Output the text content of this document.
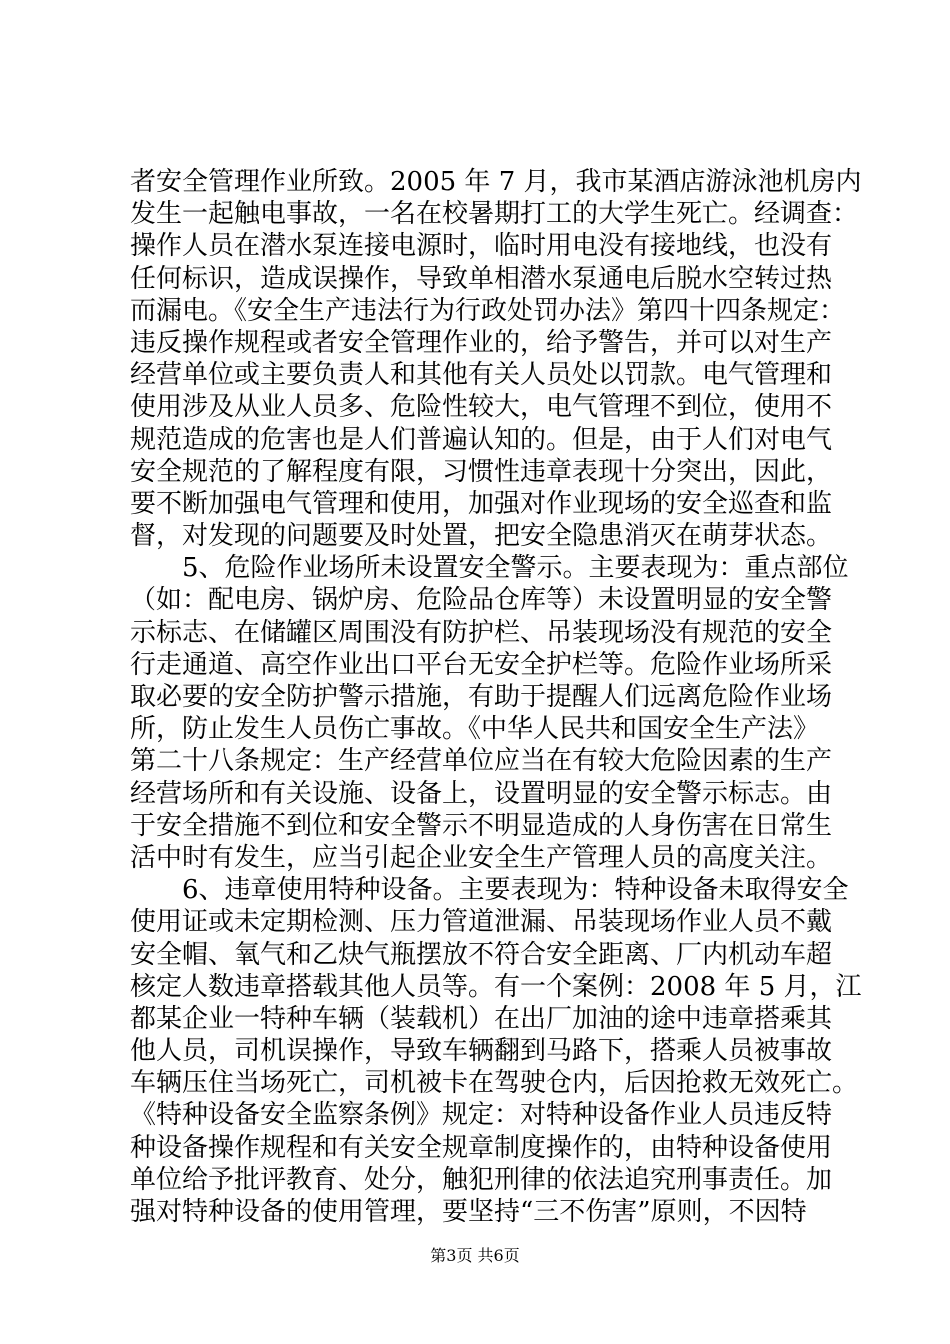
者安全管理作业所致。2005 年 7 月，我市某酒店游泳池机房内
发生一起触电事故，一名在校暑期打工的大学生死亡。经调查：
操作人员在潜水泵连接电源时，临时用电没有接地线，也没有
任何标识，造成误操作，导致单相潜水泵通电后脱水空转过热
而漏电。《安全生产违法行为行政处罚办法》第四十四条规定：
违反操作规程或者安全管理作业的，给予警告，并可以对生产
经营单位或主要负责人和其他有关人员处以罚款。电气管理和
使用涉及从业人员多、危险性较大，电气管理不到位，使用不
规范造成的危害也是人们普遍认知的。但是，由于人们对电气
安全规范的了解程度有限，习惯性违章表现十分突出，因此，
要不断加强电气管理和使用，加强对作业现场的安全巡查和监
督，对发现的问题要及时处置，把安全隐患消灭在萌芽状态。
　　5、危险作业场所未设置安全警示。主要表现为：重点部位
（如：配电房、锅炉房、危险品仓库等）未设置明显的安全警
示标志、在储罐区周围没有防护栏、吊装现场没有规范的安全
行走通道、高空作业出口平台无安全护栏等。危险作业场所采
取必要的安全防护警示措施，有助于提醒人们远离危险作业场
所，防止发生人员伤亡事故。《中华人民共和国安全生产法》
第二十八条规定：生产经营单位应当在有较大危险因素的生产
经营场所和有关设施、设备上，设置明显的安全警示标志。由
于安全措施不到位和安全警示不明显造成的人身伤害在日常生
活中时有发生，应当引起企业安全生产管理人员的高度关注。
　　6、违章使用特种设备。主要表现为：特种设备未取得安全
使用证或未定期检测、压力管道泄漏、吊装现场作业人员不戴
安全帽、氧气和乙炔气瓶摆放不符合安全距离、厂内机动车超
核定人数违章搭载其他人员等。有一个案例：2008 年 5 月，江
都某企业一特种车辆（装载机）在出厂加油的途中违章搭乘其
他人员，司机误操作，导致车辆翻到马路下，搭乘人员被事故
车辆压住当场死亡，司机被卡在驾驶仓内，后因抢救无效死亡。
《特种设备安全监察条例》规定：对特种设备作业人员违反特
种设备操作规程和有关安全规章制度操作的，由特种设备使用
单位给予批评教育、处分，触犯刑律的依法追究刑事责任。加
强对特种设备的使用管理，要坚持“三不伤害”原则，不因特
第3页 共6页
